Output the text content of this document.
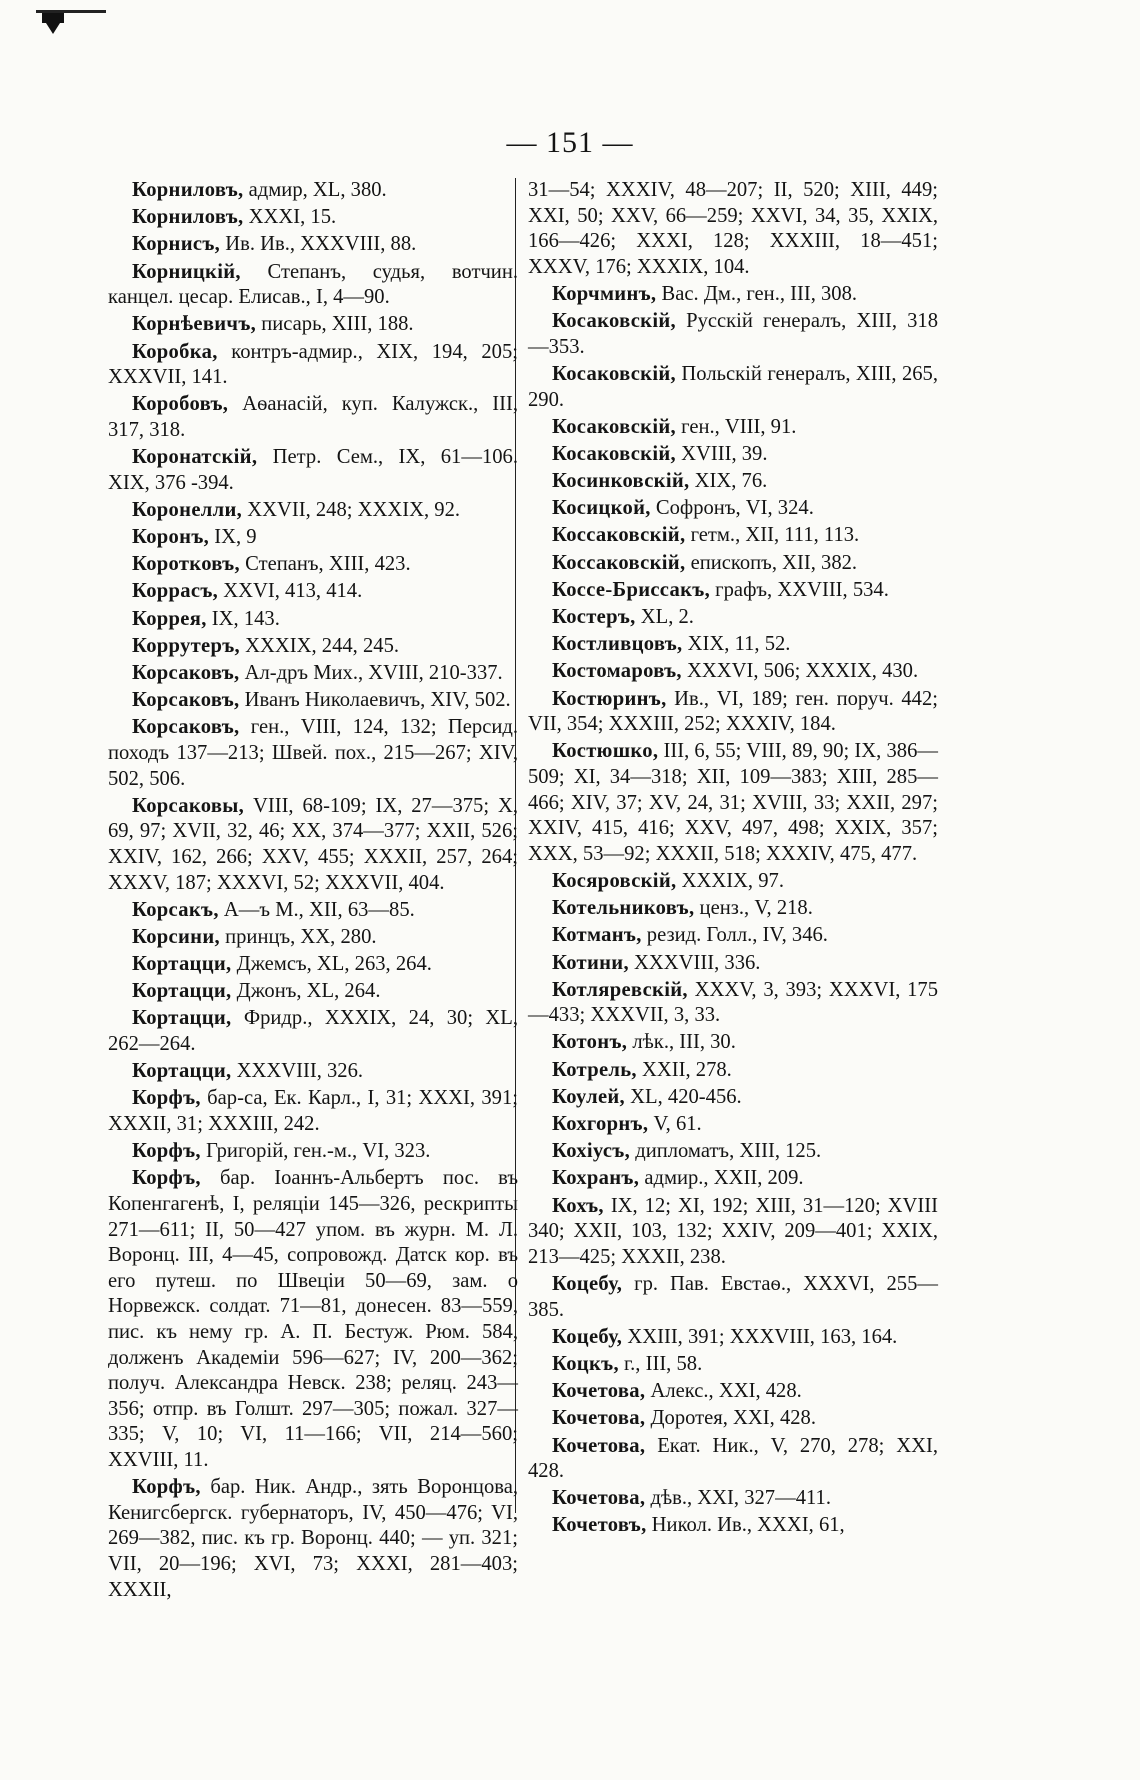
— 151 —

Корниловъ, адмир, XL, 380.

Корниловъ, XXXI, 15.

Корнисъ, Ив. Ив., XXXVIII, 88.

Корницкій, Степанъ, судья, вотчин. канцел. цесар. Елисав., I, 4—90.

Корнѣевичъ, писарь, XIII, 188.

Коробка, контръ-адмир., XIX, 194, 205; XXXVII, 141.

Коробовъ, Аѳанасій, куп. Калужск., III, 317, 318.

Коронатскій, Петр. Сем., IX, 61—106. XIX, 376 -394.

Коронелли, XXVII, 248; XXXIX, 92.

Коронъ, IX, 9

Коротковъ, Степанъ, XIII, 423.

Коррасъ, XXVI, 413, 414.

Коррея, IX, 143.

Коррутеръ, XXXIX, 244, 245.

Корсаковъ, Ал-дръ Мих., XVIII, 210-337.

Корсаковъ, Иванъ Николаевичъ, XIV, 502.

Корсаковъ, ген., VIII, 124, 132; Персид. походъ 137—213; Швей. пох., 215—267; XIV, 502, 506.

Корсаковы, VIII, 68-109; IX, 27—375; X, 69, 97; XVII, 32, 46; XX, 374—377; XXII, 526; XXIV, 162, 266; XXV, 455; XXXII, 257, 264; XXXV, 187; XXXVI, 52; XXXVII, 404.

Корсакъ, А—ъ М., XII, 63—85.

Корсини, принцъ, XX, 280.

Кортацци, Джемсъ, XL, 263, 264.

Кортацци, Джонъ, XL, 264.

Кортацци, Фридр., XXXIX, 24, 30; XL, 262—264.

Кортацци, XXXVIII, 326.

Корфъ, бар-са, Ек. Карл., I, 31; XXXI, 391; XXXII, 31; XXXIII, 242.

Корфъ, Григорій, ген.-м., VI, 323.

Корфъ, бар. Іоаннъ-Альбертъ пос. въ Копенгагенѣ, I, реляціи 145—326, рескрипты 271—611; II, 50—427 упом. въ журн. М. Л. Воронц. III, 4—45, сопровожд. Датск кор. въ его путеш. по Швеціи 50—69, зам. о Норвежск. солдат. 71—81, донесен. 83—559, пис. къ нему гр. А. П. Бестуж. Рюм. 584, долженъ Академіи 596—627; IV, 200—362; получ. Александра Невск. 238; реляц. 243—356; отпр. въ Голшт. 297—305; пожал. 327—335; V, 10; VI, 11—166; VII, 214—560; XXVIII, 11.

Корфъ, бар. Ник. Андр., зять Воронцова, Кенигсбергск. губернаторъ, IV, 450—476; VI, 269—382, пис. къ гр. Воронц. 440; — уп. 321; VII, 20—196; XVI, 73; XXXI, 281—403; XXXII,

31—54; XXXIV, 48—207; II, 520; XIII, 449; XXI, 50; XXV, 66—259; XXVI, 34, 35, XXIX, 166—426; XXXI, 128; XXXIII, 18—451; XXXV, 176; XXXIX, 104.

Корчминъ, Вас. Дм., ген., III, 308.

Косаковскій, Русскій генералъ, XIII, 318—353.

Косаковскій, Польскій генералъ, XIII, 265, 290.

Косаковскій, ген., VIII, 91.

Косаковскій, XVIII, 39.

Косинковскій, XIX, 76.

Косицкой, Софронъ, VI, 324.

Коссаковскій, гетм., XII, 111, 113.

Коссаковскій, епископъ, XII, 382.

Коссе-Бриссакъ, графъ, XXVIII, 534.

Костеръ, XL, 2.

Костливцовъ, XIX, 11, 52.

Костомаровъ, XXXVI, 506; XXXIX, 430.

Костюринъ, Ив., VI, 189; ген. поруч. 442; VII, 354; XXXIII, 252; XXXIV, 184.

Костюшко, III, 6, 55; VIII, 89, 90; IX, 386—509; XI, 34—318; XII, 109—383; XIII, 285—466; XIV, 37; XV, 24, 31; XVIII, 33; XXII, 297; XXIV, 415, 416; XXV, 497, 498; XXIX, 357; XXX, 53—92; XXXII, 518; XXXIV, 475, 477.

Косяровскій, XXXIX, 97.

Котельниковъ, ценз., V, 218.

Котманъ, резид. Голл., IV, 346.

Котини, XXXVIII, 336.

Котляревскій, XXXV, 3, 393; XXXVI, 175—433; XXXVII, 3, 33.

Котонъ, лѣк., III, 30.

Котрель, XXII, 278.

Коулей, XL, 420-456.

Кохгорнъ, V, 61.

Кохіусъ, дипломатъ, XIII, 125.

Кохранъ, адмир., XXII, 209.

Кохъ, IX, 12; XI, 192; XIII, 31—120; XVIII 340; XXII, 103, 132; XXIV, 209—401; XXIX, 213—425; XXXII, 238.

Коцебу, гр. Пав. Евстаѳ., XXXVI, 255—385.

Коцебу, XXIII, 391; XXXVIII, 163, 164.

Коцкъ, г., III, 58.

Кочетова, Алекс., XXI, 428.

Кочетова, Доротея, XXI, 428.

Кочетова, Екат. Ник., V, 270, 278; XXI, 428.

Кочетова, дѣв., XXI, 327—411.

Кочетовъ, Никол. Ив., XXXI, 61,
